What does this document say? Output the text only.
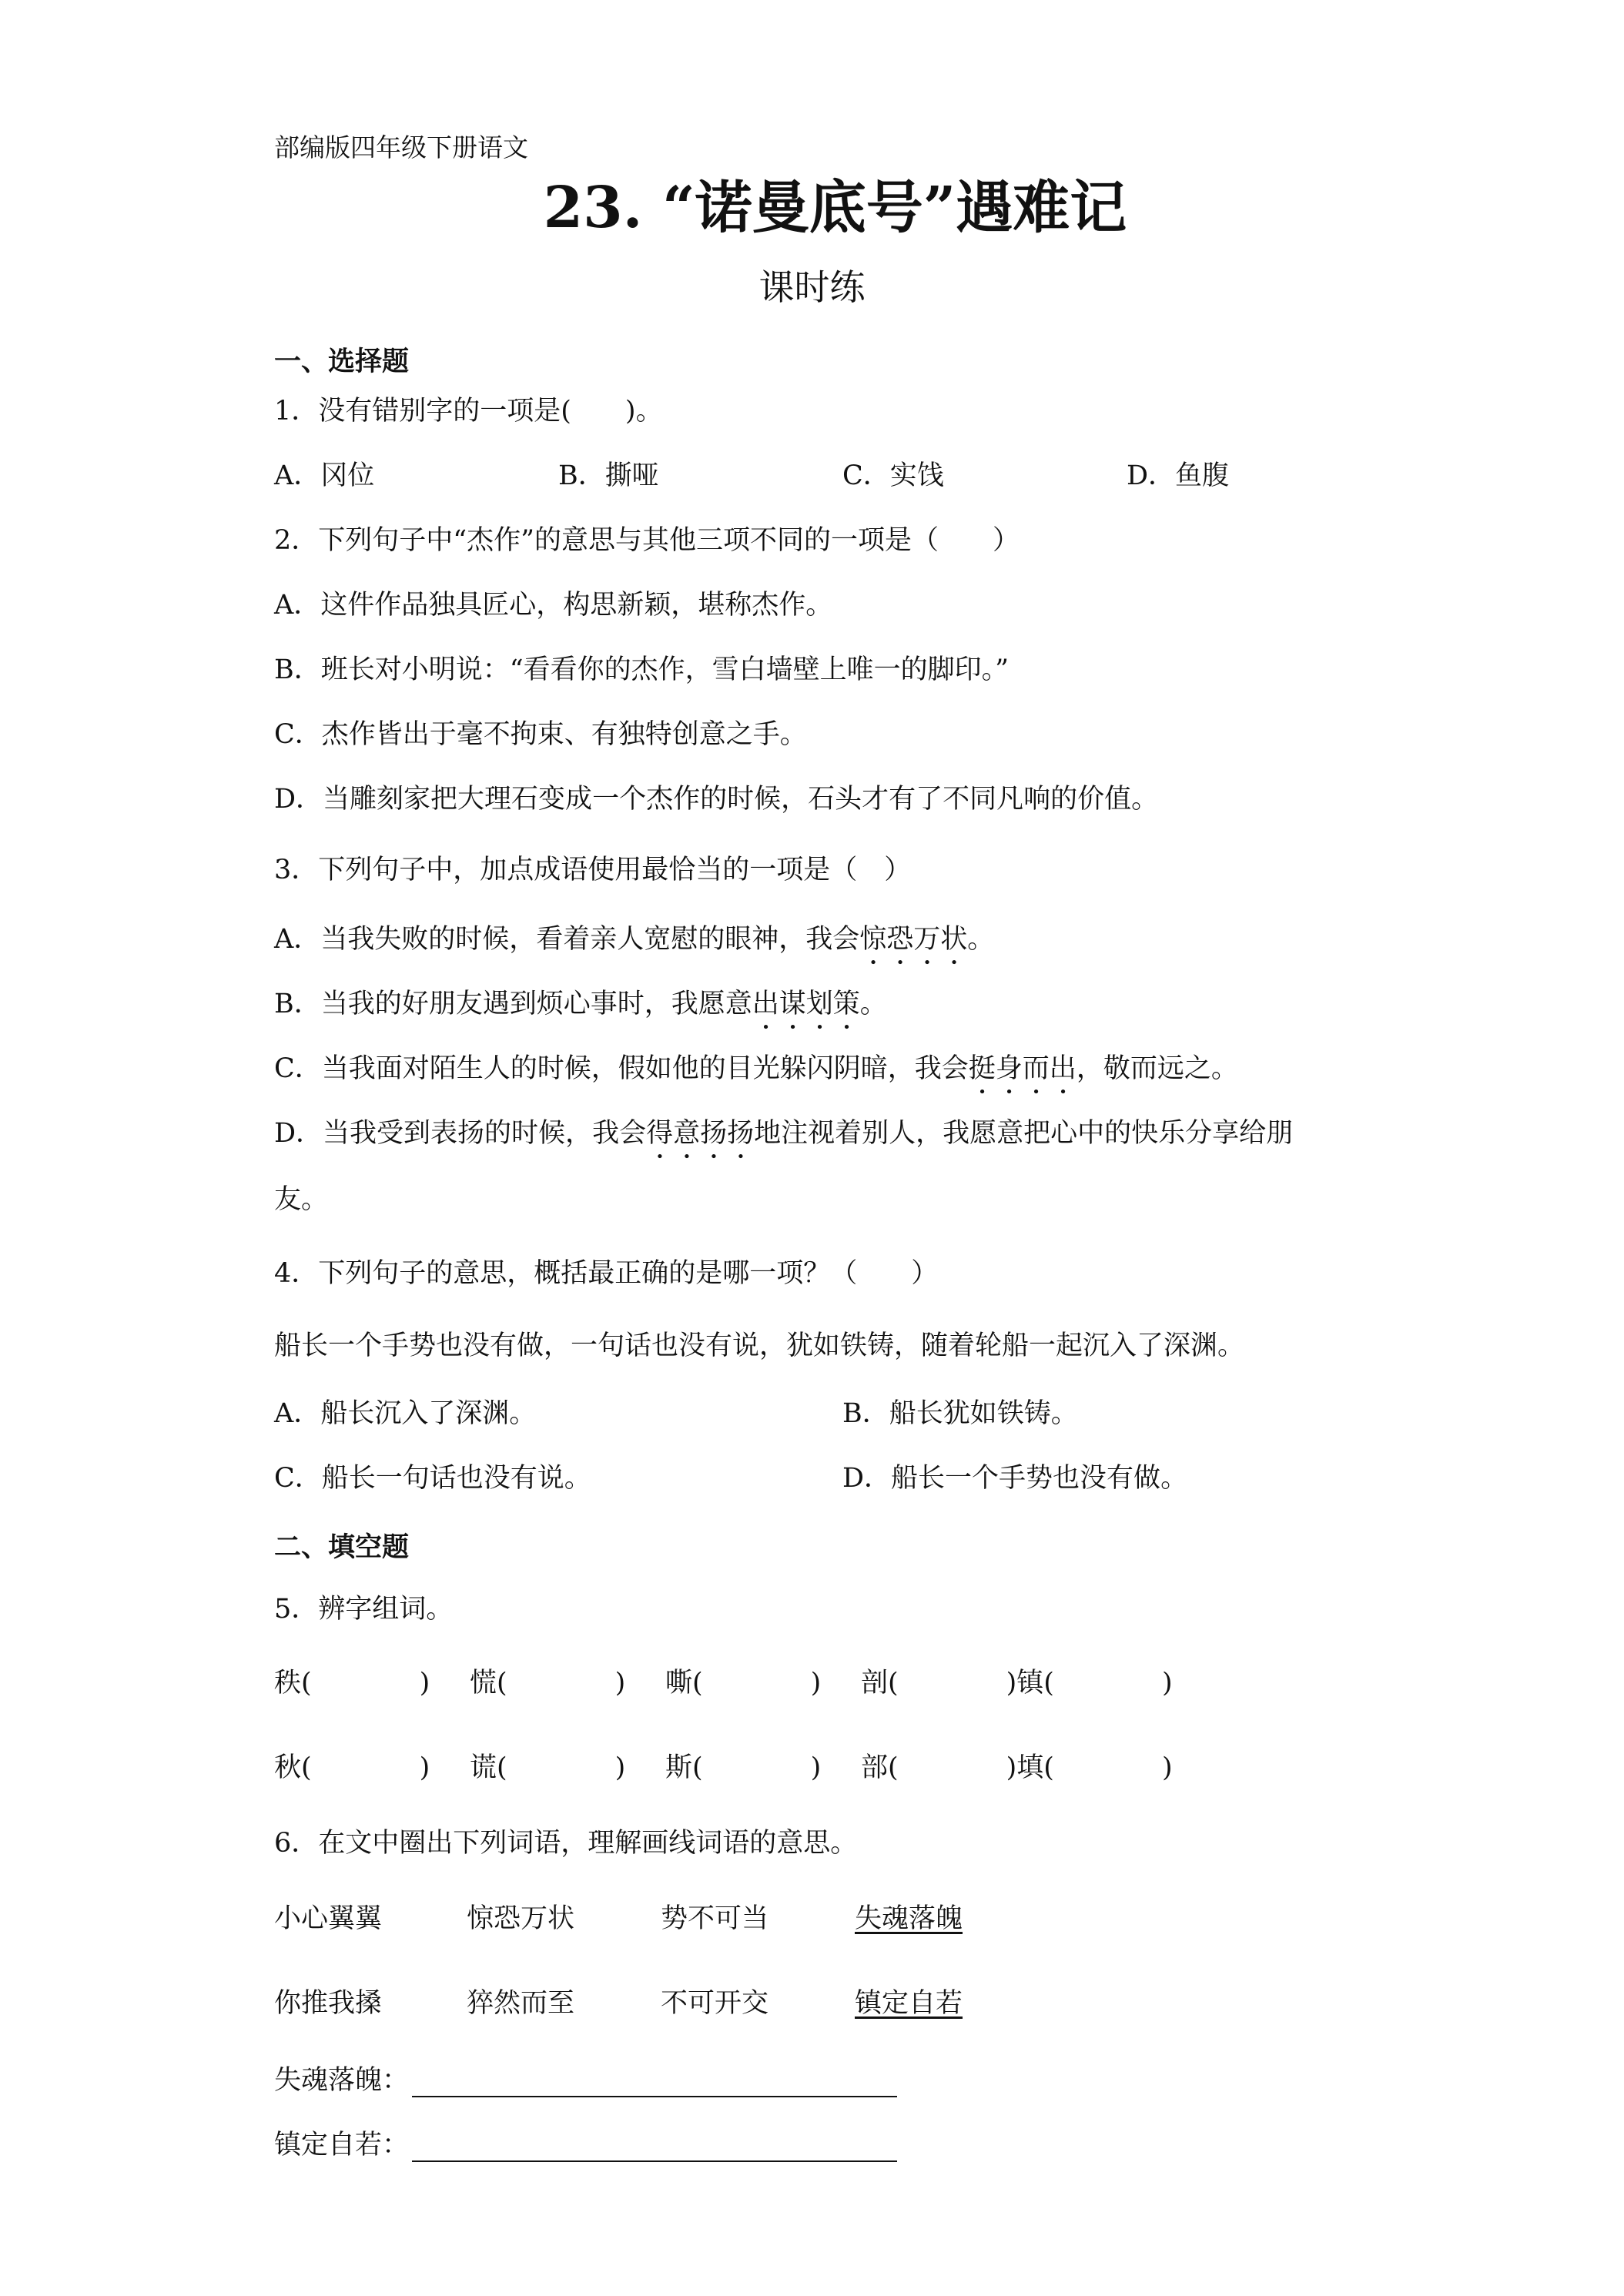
部编版四年级下册语文
23. “诺曼底号”遇难记
课时练
一、选择题
1．没有错别字的一项是(　　)。
A．冈位	B．撕哑	C．实饯	D．鱼腹
2．下列句子中“杰作”的意思与其他三项不同的一项是（　　）
A．这件作品独具匠心，构思新颖，堪称杰作。
B．班长对小明说：“看看你的杰作，雪白墙壁上唯一的脚印。”
C．杰作皆出于毫不拘束、有独特创意之手。
D．当雕刻家把大理石变成一个杰作的时候，石头才有了不同凡响的价值。
3．下列句子中，加点成语使用最恰当的一项是（　）
A．当我失败的时候，看着亲人宽慰的眼神，我会惊恐万状。
B．当我的好朋友遇到烦心事时，我愿意出谋划策。
C．当我面对陌生人的时候，假如他的目光躲闪阴暗，我会挺身而出，敬而远之。
D．当我受到表扬的时候，我会得意扬扬地注视着别人，我愿意把心中的快乐分享给朋
友。
4．下列句子的意思，概括最正确的是哪一项？（　　）
船长一个手势也没有做，一句话也没有说，犹如铁铸，随着轮船一起沉入了深渊。
A．船长沉入了深渊。	B．船长犹如铁铸。
C．船长一句话也没有说。	D．船长一个手势也没有做。
二、填空题
5．辨字组词。
秩(　　　　) 慌(　　　　) 嘶(　　　　) 剖(　　　　)镇(　　　　)
秋(　　　　) 谎(　　　　) 斯(　　　　) 部(　　　　)填(　　　　)
6．在文中圈出下列词语，理解画线词语的意思。
小心翼翼	惊恐万状	势不可当	失魂落魄
你推我搡	猝然而至	不可开交	镇定自若
失魂落魄：
镇定自若：
